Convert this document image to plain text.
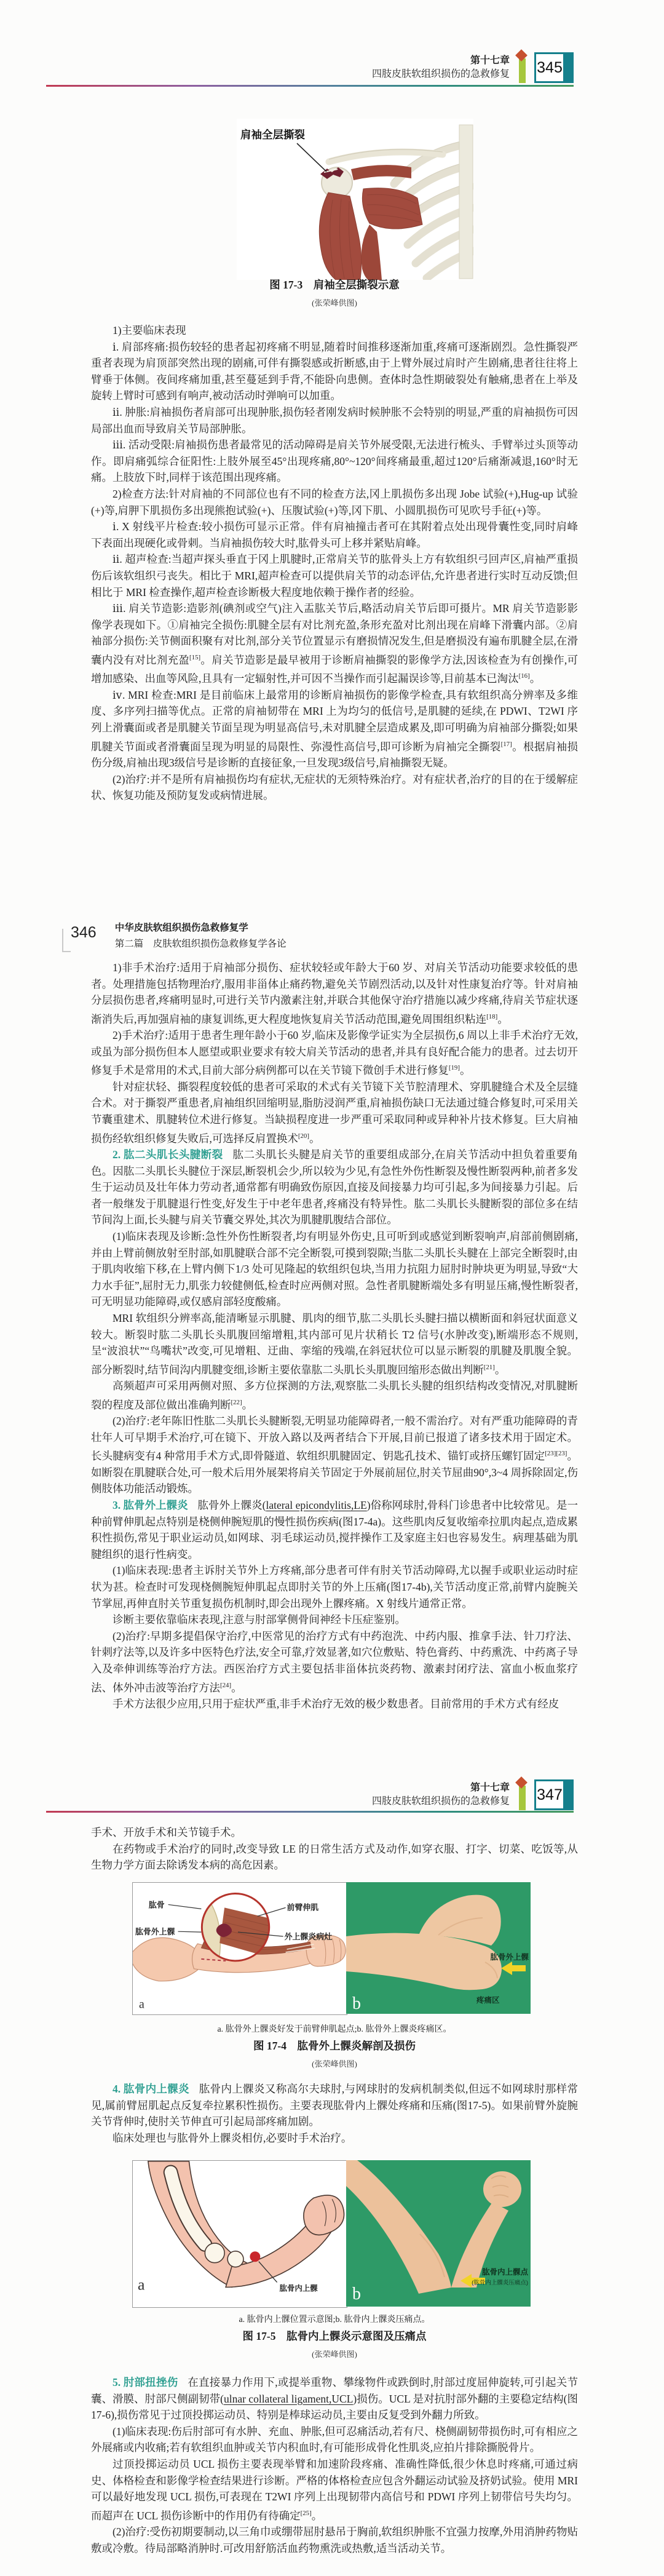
第十七章
四肢皮肤软组织损伤的急救修复 345
肩袖全层撕裂
图 17-3　肩袖全层撕裂示意
(张荣峰供图)

1)主要临床表现

ⅰ. 肩部疼痛:损伤较轻的患者起初疼痛不明显,随着时间推移逐渐加重,疼痛可逐渐剧烈。急性撕裂严重者表现为肩顶部突然出现的剧痛,可伴有撕裂感或折断感,由于上臂外展过肩时产生剧痛,患者往往将上臂垂于体侧。夜间疼痛加重,甚至蔓延到手背,不能卧向患侧。查体时急性期破裂处有触痛,患者在上举及旋转上臂时可感到有响声,被动活动时弹响可以加重。

ⅱ. 肿胀:肩袖损伤者肩部可出现肿胀,损伤轻者刚发病时候肿胀不会特别的明显,严重的肩袖损伤可因局部出血而导致肩关节局部肿胀。

ⅲ. 活动受限:肩袖损伤患者最常见的活动障碍是肩关节外展受限,无法进行梳头、手臂举过头顶等动作。即肩痛弧综合征阳性:上肢外展至45°出现疼痛,80°~120°间疼痛最重,超过120°后痛渐减退,160°时无痛。上肢放下时,同样于该范围出现疼痛。

2)检查方法:针对肩袖的不同部位也有不同的检查方法,冈上肌损伤多出现 Jobe 试验(+),Hug-up 试验(+)等,肩胛下肌损伤多出现熊抱试验(+)、压腹试验(+)等,冈下肌、小圆肌损伤可见吹号手征(+)等。

ⅰ. X 射线平片检查:较小损伤可显示正常。伴有肩袖撞击者可在其附着点处出现骨囊性变,同时肩峰下表面出现硬化或骨刺。当肩袖损伤较大时,肱骨头可上移并紧贴肩峰。

ⅱ. 超声检查:当超声探头垂直于冈上肌腱时,正常肩关节的肱骨头上方有软组织弓回声区,肩袖严重损伤后该软组织弓丧失。相比于 MRI,超声检查可以提供肩关节的动态评估,允许患者进行实时互动反馈;但相比于 MRI 检查操作,超声检查诊断极大程度地依赖于操作者的经验。

ⅲ. 肩关节造影:造影剂(碘剂或空气)注入盂肱关节后,略活动肩关节后即可摄片。MR 肩关节造影影像学表现如下。①肩袖完全损伤:肌腱全层有对比剂充盈,条形充盈对比剂出现在肩峰下滑囊内部。②肩袖部分损伤:关节侧面积聚有对比剂,部分关节位置显示有磨损情况发生,但是磨损没有遍布肌腱全层,在滑囊内没有对比剂充盈[15]。肩关节造影是最早被用于诊断肩袖撕裂的影像学方法,因该检查为有创操作,可增加感染、出血等风险,且具有一定辐射性,并可因不当操作而引起漏误诊等,目前基本已淘汰[16]。

ⅳ. MRI 检查:MRI 是目前临床上最常用的诊断肩袖损伤的影像学检查,具有软组织高分辨率及多维度、多序列扫描等优点。正常的肩袖韧带在 MRI 上为均匀的低信号,是肌腱的延续,在 PDWI、T2WI 序列上滑囊面或者是肌腱关节面呈现为明显高信号,未对肌腱全层造成累及,即可明确为肩袖部分撕裂;如果肌腱关节面或者滑囊面呈现为明显的局限性、弥漫性高信号,即可诊断为肩袖完全撕裂[17]。根据肩袖损伤分级,肩袖出现3级信号是诊断的直接征象,一旦发现3级信号,肩袖撕裂无疑。

(2)治疗:并不是所有肩袖损伤均有症状,无症状的无须特殊治疗。对有症状者,治疗的目的在于缓解症状、恢复功能及预防复发或病情进展。

346 中华皮肤软组织损伤急救修复学
第二篇　皮肤软组织损伤急救修复学各论

1)非手术治疗:适用于肩袖部分损伤、症状较轻或年龄大于60 岁、对肩关节活动功能要求较低的患者。处理措施包括物理治疗,服用非甾体止痛药物,避免关节剧烈活动,以及针对性康复治疗等。针对肩袖分层损伤患者,疼痛明显时,可进行关节内激素注射,并联合其他保守治疗措施以减少疼痛,待肩关节症状逐渐消失后,再加强肩袖的康复训练,更大程度地恢复肩关节活动范围,避免周围组织粘连[18]。

2)手术治疗:适用于患者生理年龄小于60 岁,临床及影像学证实为全层损伤,6 周以上非手术治疗无效,或虽为部分损伤但本人愿望或职业要求有较大肩关节活动的患者,并具有良好配合能力的患者。过去切开修复手术是常用的术式,目前大部分病例都可以在关节镜下微创手术进行修复[19]。

针对症状轻、撕裂程度较低的患者可采取的术式有关节镜下关节腔清理术、穿肌腱缝合术及全层缝合术。对于撕裂严重患者,肩袖组织回缩明显,脂肪浸润严重,肩袖损伤缺口无法通过缝合修复时,可采用关节囊重建术、肌腱转位术进行修复。当缺损程度进一步严重可采取同种或异种补片技术修复。巨大肩袖损伤经软组织修复失败后,可选择反肩置换术[20]。

2. 肱二头肌长头腱断裂 肱二头肌长头腱是肩关节的重要组成部分,在肩关节活动中担负着重要角色。因肱二头肌长头腱位于深层,断裂机会少,所以较为少见,有急性外伤性断裂及慢性断裂两种,前者多发生于运动员及壮年体力劳动者,通常都有明确致伤原因,直接及间接暴力均可引起,多为间接暴力引起。后者一般继发于肌腱退行性变,好发生于中老年患者,疼痛没有特异性。肱二头肌长头腱断裂的部位多在结节间沟上面,长头腱与肩关节囊交界处,其次为肌腱肌腹结合部位。

(1)临床表现及诊断:急性外伤性断裂者,均有明显外伤史,且可听到或感觉到断裂响声,肩部前侧剧痛,并由上臂前侧放射至肘部,如肌腱联合部不完全断裂,可摸到裂隙;当肱二头肌长头腱在上部完全断裂时,由于肌肉收缩下移,在上臂内侧下1/3 处可见隆起的软组织包块,当用力抗阻力屈肘时肿块更为明显,导致“大力水手征”,屈肘无力,肌张力较健侧低,检查时应两侧对照。急性者肌腱断端处多有明显压痛,慢性断裂者,可无明显功能障碍,或仅感肩部轻度酸痛。

MRI 软组织分辨率高,能清晰显示肌腱、肌肉的细节,肱二头肌长头腱扫描以横断面和斜冠状面意义较大。断裂时肱二头肌长头肌腹回缩增粗,其内部可见片状稍长 T2 信号(水肿改变),断端形态不规则,呈“波浪状”“鸟嘴状”改变,可见增粗、迂曲、挛缩的残端,在斜冠状位可以显示断裂的肌腱及肌腹全貌。部分断裂时,结节间沟内肌腱变细,诊断主要依靠肱二头肌长头肌腹回缩形态做出判断[21]。

高频超声可采用两侧对照、多方位探测的方法,观察肱二头肌长头腱的组织结构改变情况,对肌腱断裂的程度及部位做出准确判断[22]。

(2)治疗:老年陈旧性肱二头肌长头腱断裂,无明显功能障碍者,一般不需治疗。对有严重功能障碍的青壮年人可早期手术治疗,可在镜下、开放入路以及两者结合下开展,目前已报道了诸多技术用于固定术。长头腱病变有4 种常用手术方式,即骨隧道、软组织肌腱固定、钥匙孔技术、锚钉或挤压螺钉固定[23][23]。如断裂在肌腱联合处,可一般术后用外展架将肩关节固定于外展前屈位,肘关节屈曲90°,3~4 周拆除固定,伤侧肢体功能活动锻炼。

3. 肱骨外上髁炎 肱骨外上髁炎(lateral epicondylitis,LE)俗称网球肘,骨科门诊患者中比较常见。是一种前臂伸肌起点特别是桡侧伸腕短肌的慢性损伤疾病(图17-4a)。这些肌肉反复收缩牵拉肌肉起点,造成累积性损伤,常见于职业运动员,如网球、羽毛球运动员,搅拌操作工及家庭主妇也容易发生。病理基础为肌腱组织的退行性病变。

(1)临床表现:患者主诉肘关节外上方疼痛,部分患者可伴有肘关节活动障碍,尤以握手或职业运动时症状为甚。检查时可发现桡侧腕短伸肌起点即肘关节的外上压痛(图17-4b),关节活动度正常,前臂内旋腕关节掌屈,再伸直肘关节重复损伤机制时,即会出现外上髁疼痛。X 射线片通常正常。

诊断主要依靠临床表现,注意与肘部掌侧骨间神经卡压症鉴别。

(2)治疗:早期多提倡保守治疗,中医常见的治疗方式有中药泡洗、中药内服、推拿手法、针刀疗法、针刺疗法等,以及许多中医特色疗法,安全可靠,疗效显著,如穴位敷贴、特色膏药、中药熏洗、中药离子导入及牵伸训练等治疗方法。西医治疗方式主要包括非甾体抗炎药物、激素封闭疗法、富血小板血浆疗法、体外冲击波等治疗方法[24]。

手术方法很少应用,只用于症状严重,非手术治疗无效的极少数患者。目前常用的手术方式有经皮

第十七章
四肢皮肤软组织损伤的急救修复 347

手术、开放手术和关节镜手术。

在药物或手术治疗的同时,改变导致 LE 的日常生活方式及动作,如穿衣服、打字、切菜、吃饭等,从生物力学方面去除诱发本病的高危因素。

肱骨
肱骨外上髁
前臂伸肌
外上髁炎病灶
a
肱骨外上髁
疼痛区
b
a. 肱骨外上髁炎好发于前臂伸肌起点;b. 肱骨外上髁炎疼痛区。
图 17-4　肱骨外上髁炎解剖及损伤
(张荣峰供图)

4. 肱骨内上髁炎 肱骨内上髁炎又称高尔夫球肘,与网球肘的发病机制类似,但远不如网球肘那样常见,属前臂屈肌起点反复牵拉累积性损伤。主要表现肱骨内上髁处疼痛和压痛(图17-5)。如果前臂外旋腕关节背伸时,使肘关节伸直可引起局部疼痛加剧。

临床处理也与肱骨外上髁炎相仿,必要时手术治疗。

肱骨内上髁
a
肱骨内上髁点
(肱骨内上髁炎压痛点)
b
a. 肱骨内上髁位置示意图;b. 肱骨内上髁炎压痛点。
图 17-5　肱骨内上髁炎示意图及压痛点
(张荣峰供图)

5. 肘部扭挫伤 在直接暴力作用下,或提举重物、攀缘物件或跌倒时,肘部过度屈伸旋转,可引起关节囊、滑膜、肘部尺侧副韧带(ulnar collateral ligament,UCL)损伤。UCL 是对抗肘部外翻的主要稳定结构(图17-6),损伤常见于过顶投掷运动员、特别是棒球运动员,主要由反复受到外翻力所致。

(1)临床表现:伤后肘部可有水肿、充血、肿胀,但可忍痛活动,若有尺、桡侧副韧带损伤时,可有相应之外展痛或内收痛;若有软组织血肿或关节内积血时,有可能形成骨化性肌炎,应拍片排除撕脱骨片。

过顶投掷运动员 UCL 损伤主要表现举臂和加速阶段疼痛、准确性降低,很少休息时疼痛,可通过病史、体格检查和影像学检查结果进行诊断。严格的体格检查应包含外翻运动试验及挤奶试验。使用 MRI 可以最好地发现 UCL 损伤,可表现在 T2WI 序列上出现韧带内高信号和 PDWI 序列上韧带信号失均匀。而超声在 UCL 损伤诊断中的作用仍有待确定[25]。

(2)治疗:受伤初期要制动,以三角巾或绷带屈肘悬吊于胸前,软组织肿胀不宜强力按摩,外用消肿药物贴敷或冷敷。待局部略消肿时.可改用舒筋活血药物熏洗或热敷,适当活动关节。
